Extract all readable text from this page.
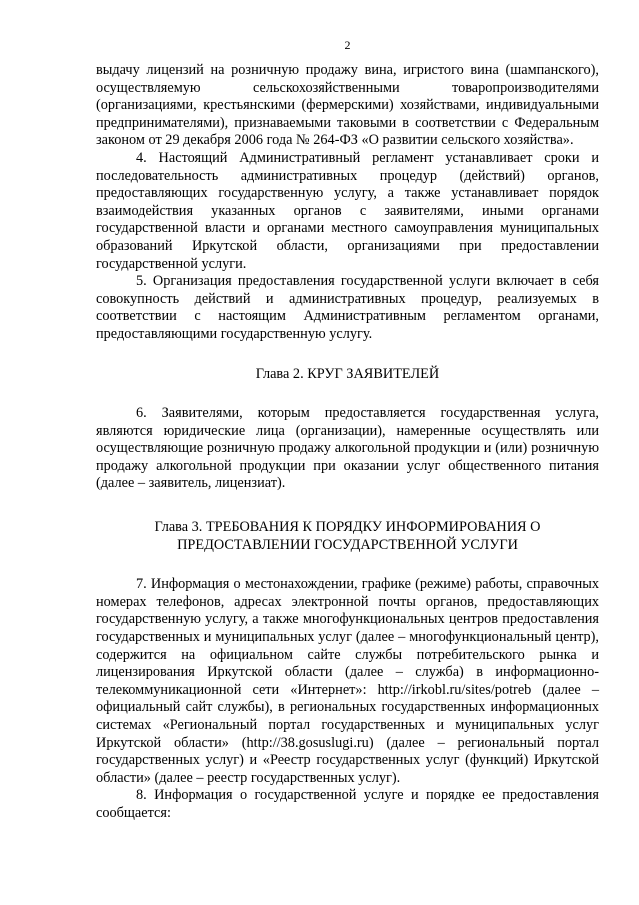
2

выдачу лицензий на розничную продажу вина, игристого вина (шампанского), осуществляемую сельскохозяйственными товаропроизводителями (организациями, крестьянскими (фермерскими) хозяйствами, индивидуальными предпринимателями), признаваемыми таковыми в соответствии с Федеральным законом от 29 декабря 2006 года № 264-ФЗ «О развитии сельского хозяйства».

4. Настоящий Административный регламент устанавливает сроки и последовательность административных процедур (действий) органов, предоставляющих государственную услугу, а также устанавливает порядок взаимодействия указанных органов с заявителями, иными органами государственной власти и органами местного самоуправления муниципальных образований Иркутской области, организациями при предоставлении государственной услуги.

5. Организация предоставления государственной услуги включает в себя совокупность действий и административных процедур, реализуемых в соответствии с настоящим Административным регламентом органами, предоставляющими государственную услугу.

Глава 2. КРУГ ЗАЯВИТЕЛЕЙ

6. Заявителями, которым предоставляется государственная услуга, являются юридические лица (организации), намеренные осуществлять или осуществляющие розничную продажу алкогольной продукции и (или) розничную продажу алкогольной продукции при оказании услуг общественного питания (далее – заявитель, лицензиат).

Глава 3. ТРЕБОВАНИЯ К ПОРЯДКУ ИНФОРМИРОВАНИЯ О
ПРЕДОСТАВЛЕНИИ ГОСУДАРСТВЕННОЙ УСЛУГИ

7. Информация о местонахождении, графике (режиме) работы, справочных номерах телефонов, адресах электронной почты органов, предоставляющих государственную услугу, а также многофункциональных центров предоставления государственных и муниципальных услуг (далее – многофункциональный центр), содержится на официальном сайте службы потребительского рынка и лицензирования Иркутской области (далее – служба) в информационно-телекоммуникационной сети «Интернет»: http://irkobl.ru/sites/potreb (далее – официальный сайт службы), в региональных государственных информационных системах «Региональный портал государственных и муниципальных услуг Иркутской области» (http://38.gosuslugi.ru) (далее – региональный портал государственных услуг) и «Реестр государственных услуг (функций) Иркутской области» (далее – реестр государственных услуг).

8. Информация о государственной услуге и порядке ее предоставления сообщается:
